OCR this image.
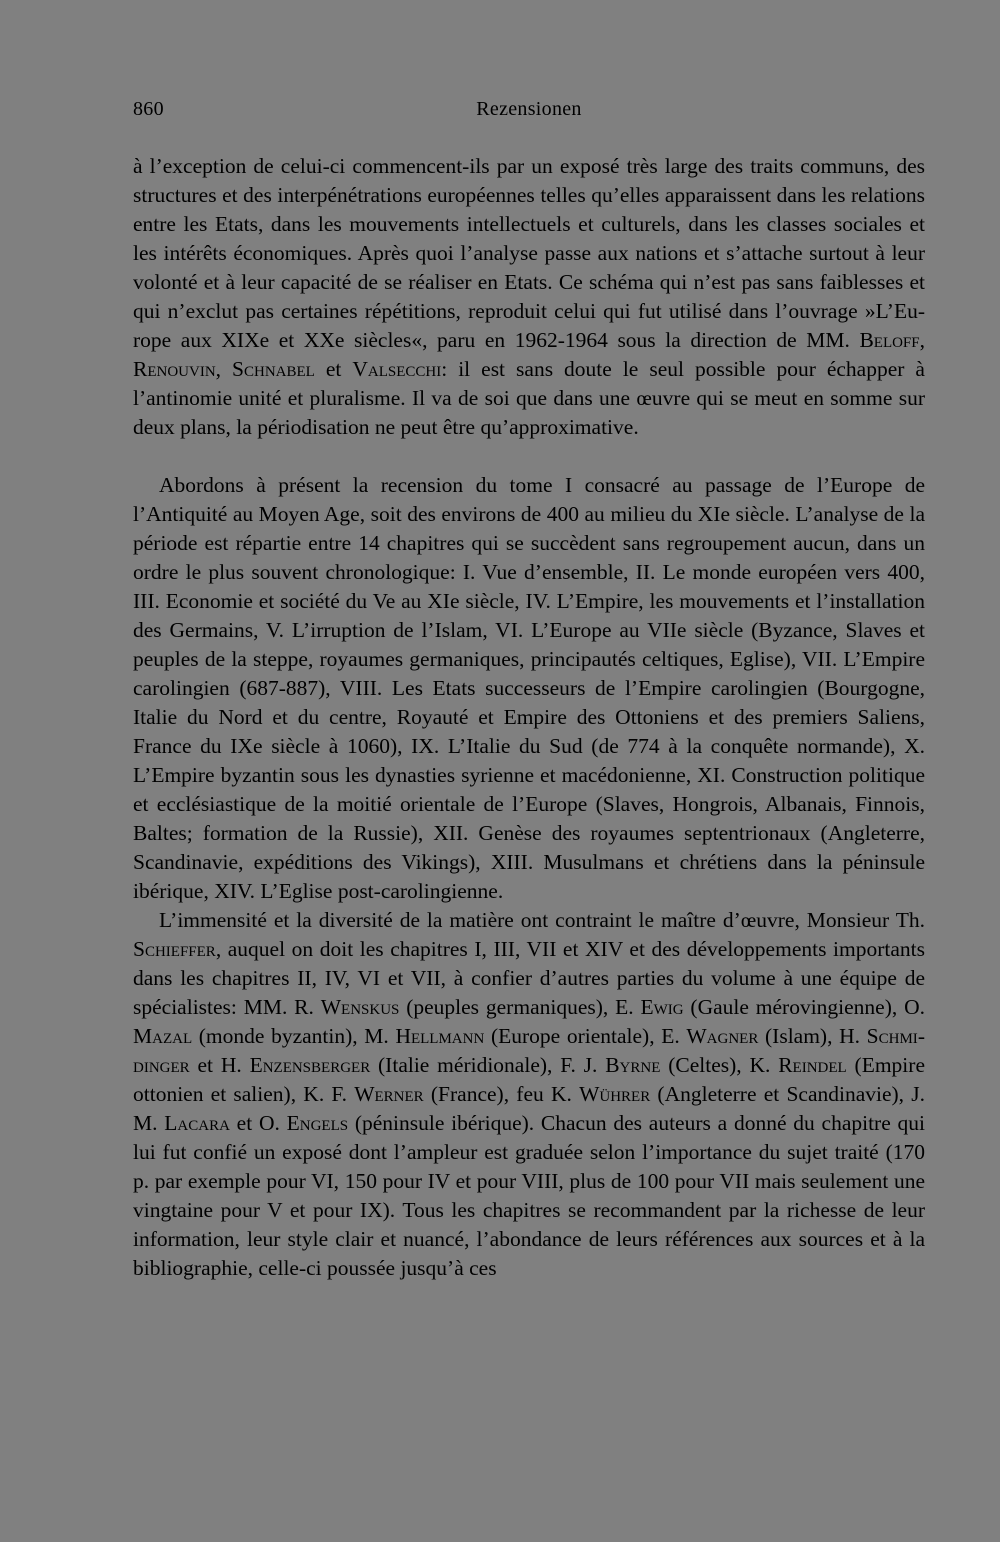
860	Rezensionen

à l’exception de celui-ci commencent-ils par un exposé très large des traits communs, des structures et des interpénétrations européennes telles qu’elles apparaissent dans les relations entre les Etats, dans les mouvements intellectuels et culturels, dans les classes sociales et les intérêts économiques. Après quoi l’analyse passe aux nations et s’attache surtout à leur volonté et à leur capacité de se réaliser en Etats. Ce schéma qui n’est pas sans faiblesses et qui n’exclut pas certaines répétitions, reproduit celui qui fut utilisé dans l’ouvrage »L’Europe aux XIXe et XXe siècles«, paru en 1962-1964 sous la direction de MM. Beloff, Renouvin, Schnabel et Valsecchi: il est sans doute le seul possible pour échapper à l’antinomie unité et pluralisme. Il va de soi que dans une œuvre qui se meut en somme sur deux plans, la périodisation ne peut être qu’approximative.

Abordons à présent la recension du tome I consacré au passage de l’Europe de l’Antiquité au Moyen Age, soit des environs de 400 au milieu du XIe siècle. L’analyse de la période est répartie entre 14 chapitres qui se succèdent sans regroupement aucun, dans un ordre le plus souvent chronologique: I. Vue d’ensemble, II. Le monde européen vers 400, III. Economie et société du Ve au XIe siècle, IV. L’Empire, les mouvements et l’installation des Germains, V. L’irruption de l’Islam, VI. L’Europe au VIIe siècle (Byzance, Slaves et peuples de la steppe, royaumes germaniques, principautés celtiques, Eglise), VII. L’Empire carolingien (687-887), VIII. Les Etats successeurs de l’Empire carolingien (Bourgogne, Italie du Nord et du centre, Royauté et Empire des Ottoniens et des premiers Saliens, France du IXe siècle à 1060), IX. L’Italie du Sud (de 774 à la conquête normande), X. L’Empire byzantin sous les dynasties syrienne et macédonienne, XI. Construction politique et ecclésiastique de la moitié orientale de l’Europe (Slaves, Hongrois, Albanais, Finnois, Baltes; formation de la Russie), XII. Genèse des royaumes septentrionaux (Angleterre, Scandinavie, expéditions des Vikings), XIII. Musulmans et chrétiens dans la péninsule ibérique, XIV. L’Eglise post-carolingienne.

L’immensité et la diversité de la matière ont contraint le maître d’œuvre, Monsieur Th. Schieffer, auquel on doit les chapitres I, III, VII et XIV et des développements importants dans les chapitres II, IV, VI et VII, à confier d’autres parties du volume à une équipe de spécialistes: MM. R. Wenskus (peuples germaniques), E. Ewig (Gaule mérovingienne), O. Mazal (monde byzantin), M. Hellmann (Europe orientale), E. Wagner (Islam), H. Schmidinger et H. Enzensberger (Italie méridionale), F. J. Byrne (Celtes), K. Reindel (Empire ottonien et salien), K. F. Werner (France), feu K. Wührer (Angleterre et Scandinavie), J. M. Lacara et O. Engels (péninsule ibérique). Chacun des auteurs a donné du chapitre qui lui fut confié un exposé dont l’ampleur est graduée selon l’importance du sujet traité (170 p. par exemple pour VI, 150 pour IV et pour VIII, plus de 100 pour VII mais seulement une vingtaine pour V et pour IX). Tous les chapitres se recommandent par la richesse de leur information, leur style clair et nuancé, l’abondance de leurs références aux sources et à la bibliographie, celle-ci poussée jusqu’à ces
